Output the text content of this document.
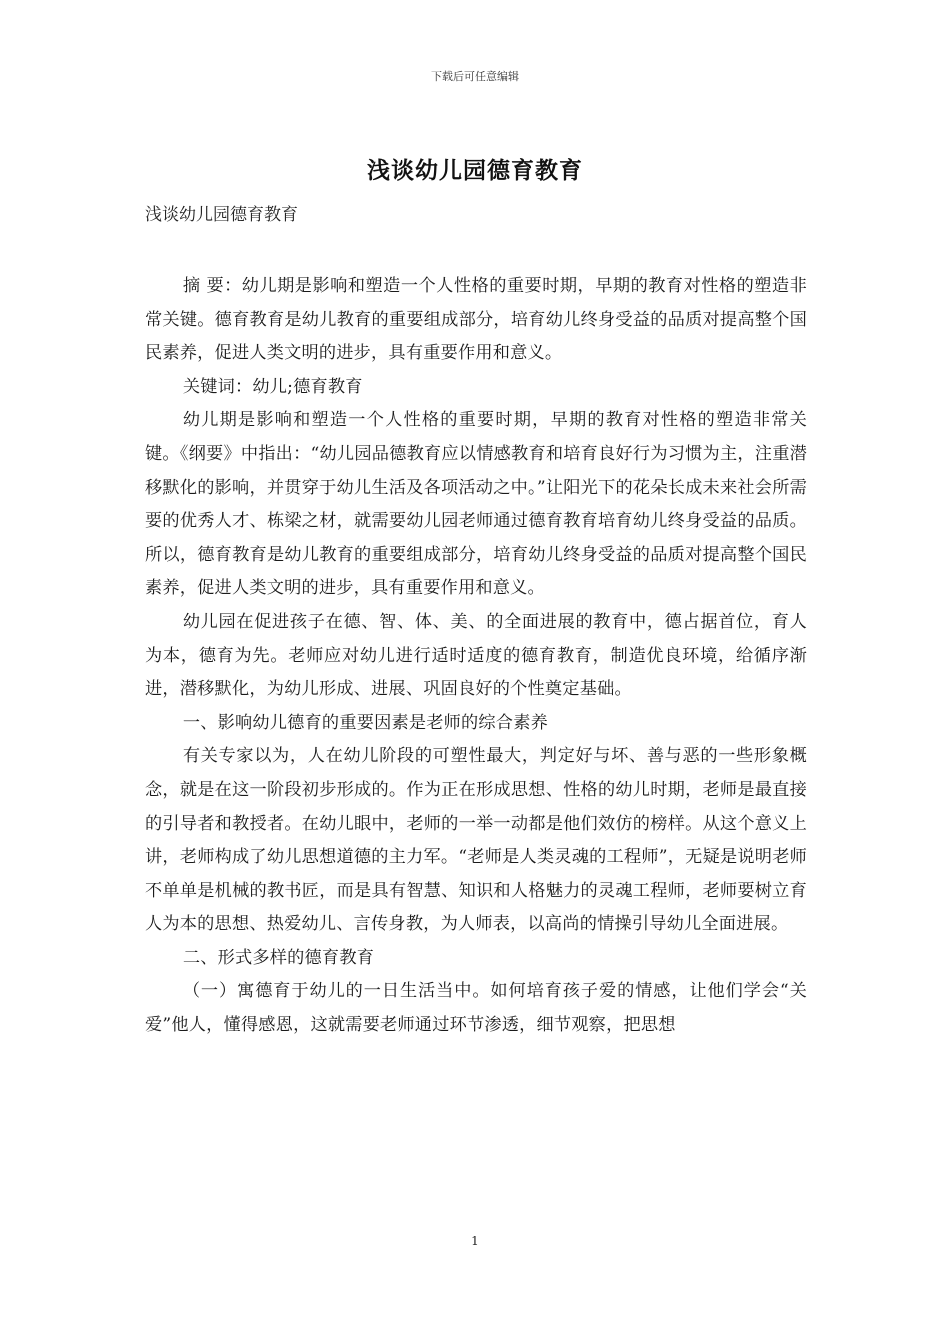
下载后可任意编辑
浅谈幼儿园德育教育
浅谈幼儿园德育教育

摘 要：幼儿期是影响和塑造一个人性格的重要时期，早期的教育对性格的塑造非常关键。德育教育是幼儿教育的重要组成部分，培育幼儿终身受益的品质对提高整个国民素养，促进人类文明的进步，具有重要作用和意义。

关键词：幼儿;德育教育

幼儿期是影响和塑造一个人性格的重要时期，早期的教育对性格的塑造非常关键。《纲要》中指出：“幼儿园品德教育应以情感教育和培育良好行为习惯为主，注重潜移默化的影响，并贯穿于幼儿生活及各项活动之中。”让阳光下的花朵长成未来社会所需要的优秀人才、栋梁之材，就需要幼儿园老师通过德育教育培育幼儿终身受益的品质。所以，德育教育是幼儿教育的重要组成部分，培育幼儿终身受益的品质对提高整个国民素养，促进人类文明的进步，具有重要作用和意义。

幼儿园在促进孩子在德、智、体、美、的全面进展的教育中，德占据首位，育人为本，德育为先。老师应对幼儿进行适时适度的德育教育，制造优良环境，给循序渐进，潜移默化，为幼儿形成、进展、巩固良好的个性奠定基础。

一、影响幼儿德育的重要因素是老师的综合素养

有关专家以为，人在幼儿阶段的可塑性最大，判定好与坏、善与恶的一些形象概念，就是在这一阶段初步形成的。作为正在形成思想、性格的幼儿时期，老师是最直接的引导者和教授者。在幼儿眼中，老师的一举一动都是他们效仿的榜样。从这个意义上讲，老师构成了幼儿思想道德的主力军。“老师是人类灵魂的工程师”，无疑是说明老师不单单是机械的教书匠，而是具有智慧、知识和人格魅力的灵魂工程师，老师要树立育人为本的思想、热爱幼儿、言传身教，为人师表，以高尚的情操引导幼儿全面进展。

二、形式多样的德育教育

（一）寓德育于幼儿的一日生活当中。如何培育孩子爱的情感，让他们学会“关爱”他人，懂得感恩，这就需要老师通过环节渗透，细节观察，把思想

1
